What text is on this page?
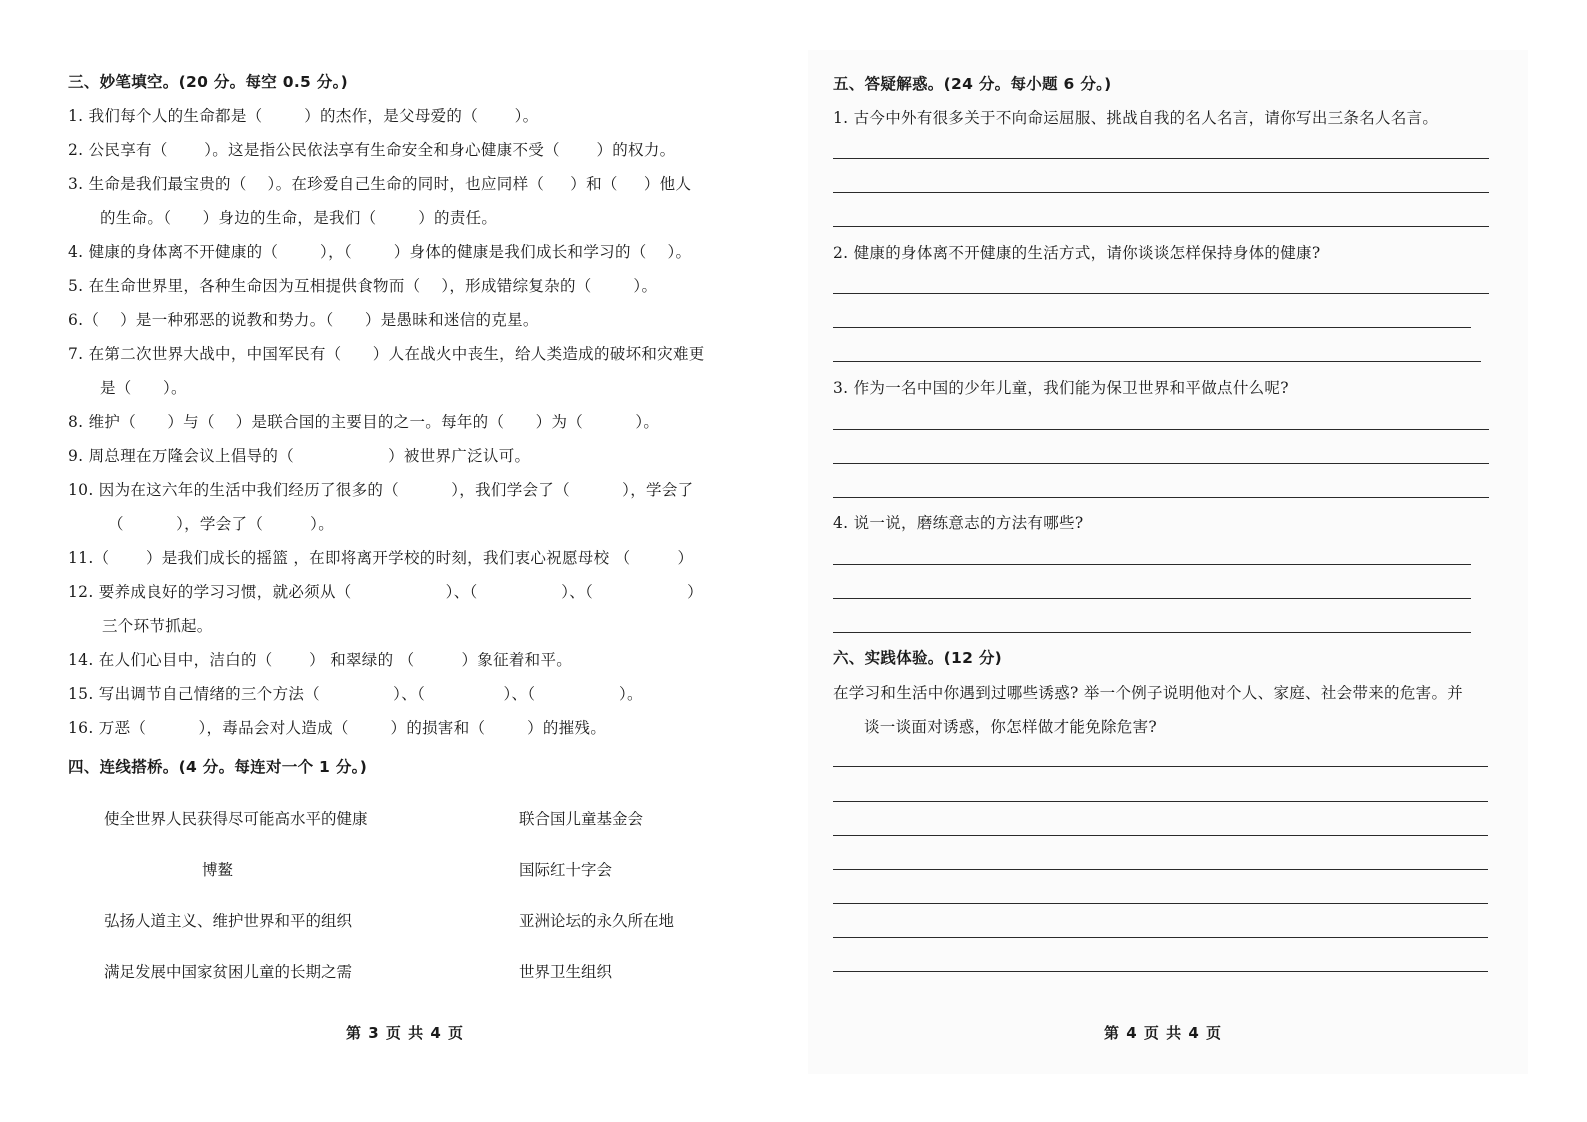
三、妙笔填空。(20 分。每空 0.5 分。)
1. 我们每个人的生命都是（        ）的杰作，是父母爱的（       ）。
2. 公民享有（       ）。这是指公民依法享有生命安全和身心健康不受（       ）的权力。
3. 生命是我们最宝贵的（    ）。在珍爱自己生命的同时，也应同样（     ）和（     ）他人
的生命。（      ）身边的生命，是我们（        ）的责任。
4. 健康的身体离不开健康的（        ），（        ）身体的健康是我们成长和学习的（    ）。
5. 在生命世界里，各种生命因为互相提供食物而（    ），形成错综复杂的（        ）。
6.（    ）是一种邪恶的说教和势力。（      ）是愚昧和迷信的克星。
7. 在第二次世界大战中，中国军民有（      ）人在战火中丧生，给人类造成的破坏和灾难更
是（      ）。
8. 维护（      ）与（    ）是联合国的主要目的之一。每年的（      ）为（          ）。
9. 周总理在万隆会议上倡导的（                  ）被世界广泛认可。
10. 因为在这六年的生活中我们经历了很多的（          ），我们学会了（          ），学会了
（          ），学会了（         ）。
11.（       ）是我们成长的摇篮 ，在即将离开学校的时刻，我们衷心祝愿母校 （         ）
12. 要养成良好的学习习惯，就必须从（                  ）、（                ）、（                  ）
三个环节抓起。
14. 在人们心目中，洁白的（       ） 和翠绿的 （         ）象征着和平。
15. 写出调节自己情绪的三个方法（              ）、（               ）、（                ）。
16. 万恶（          ），毒品会对人造成（        ）的损害和（        ）的摧残。
四、连线搭桥。(4 分。每连对一个 1 分。)
使全世界人民获得尽可能高水平的健康
博鳌
弘扬人道主义、维护世界和平的组织
满足发展中国家贫困儿童的长期之需
联合国儿童基金会
国际红十字会
亚洲论坛的永久所在地
世界卫生组织
第 3 页 共 4 页
五、答疑解惑。(24 分。每小题 6 分。)
1. 古今中外有很多关于不向命运屈服、挑战自我的名人名言，请你写出三条名人名言。
2. 健康的身体离不开健康的生活方式，请你谈谈怎样保持身体的健康?
3. 作为一名中国的少年儿童，我们能为保卫世界和平做点什么呢?
4. 说一说，磨练意志的方法有哪些?
六、实践体验。(12 分)
在学习和生活中你遇到过哪些诱惑? 举一个例子说明他对个人、家庭、社会带来的危害。并
谈一谈面对诱惑，你怎样做才能免除危害?
第 4 页 共 4 页
